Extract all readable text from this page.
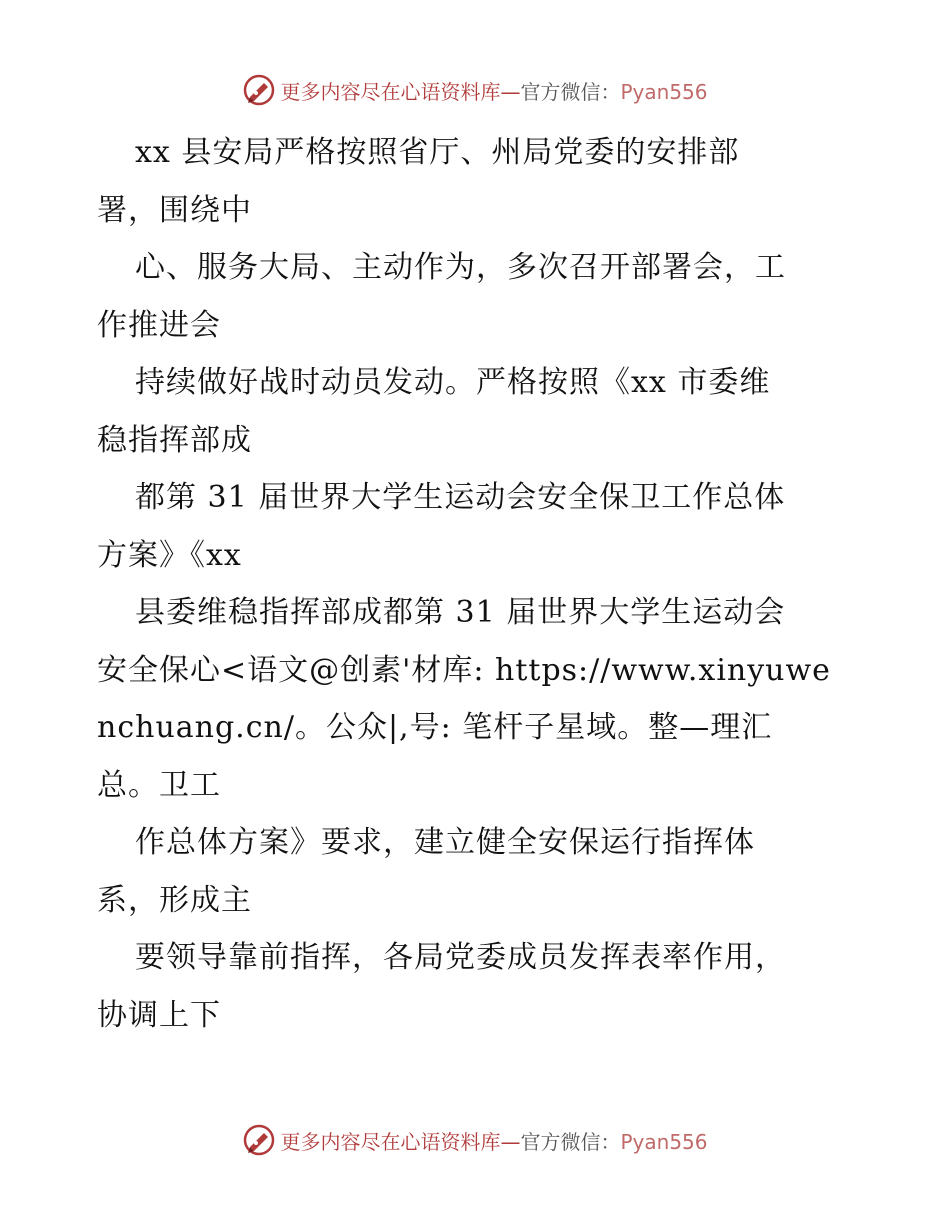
更多内容尽在心语资料库—官方微信：Pyan556
xx 县安局严格按照省厅、州局党委的安排部
署，围绕中
心、服务大局、主动作为，多次召开部署会，工
作推进会
持续做好战时动员发动。严格按照《xx 市委维
稳指挥部成
都第 31 届世界大学生运动会安全保卫工作总体
方案》《xx
县委维稳指挥部成都第 31 届世界大学生运动会
安全保心<语文@创素'材库: https://www.xinyuwe
nchuang.cn/。公众|,号: 笔杆子星域。整—理汇
总。卫工
作总体方案》要求，建立健全安保运行指挥体
系，形成主
要领导靠前指挥，各局党委成员发挥表率作用，
协调上下
更多内容尽在心语资料库—官方微信：Pyan556
